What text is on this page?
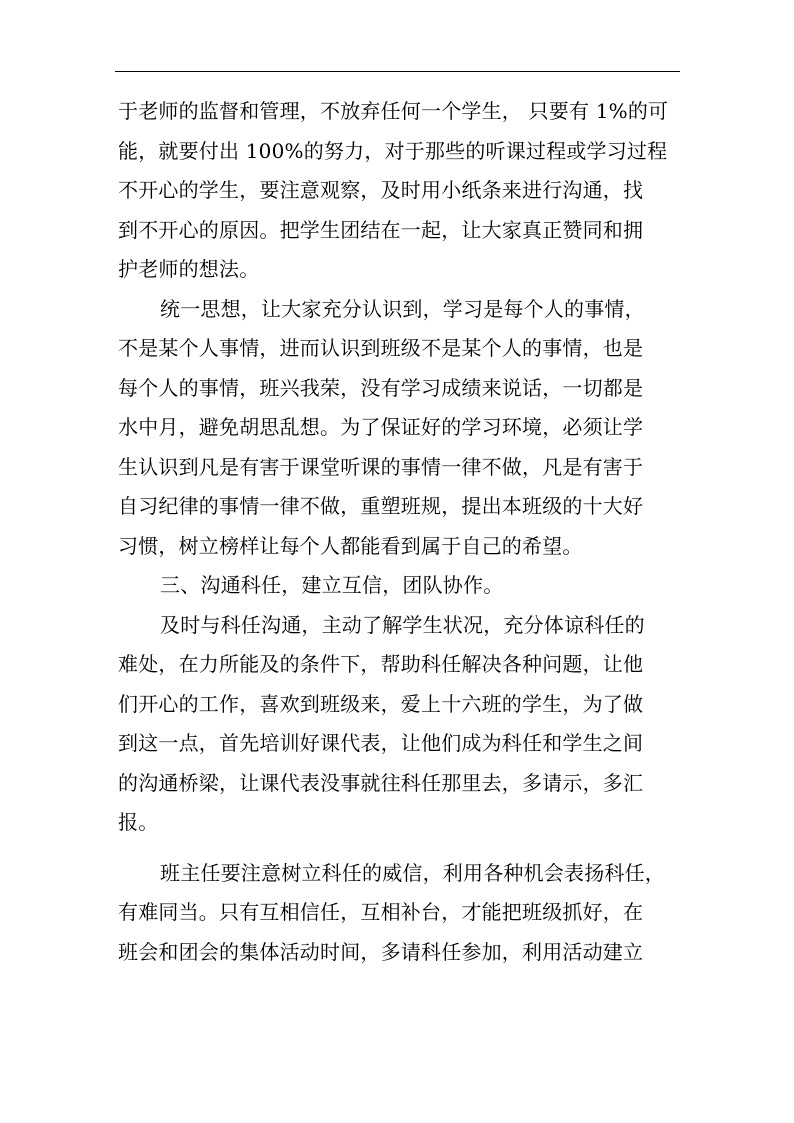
于老师的监督和管理，不放弃任何一个学生， 只要有 1%的可
能，就要付出 100%的努力，对于那些的听课过程或学习过程
不开心的学生，要注意观察，及时用小纸条来进行沟通，找
到不开心的原因。把学生团结在一起，让大家真正赞同和拥
护老师的想法。
统一思想，让大家充分认识到，学习是每个人的事情，
不是某个人事情，进而认识到班级不是某个人的事情，也是
每个人的事情，班兴我荣，没有学习成绩来说话，一切都是
水中月，避免胡思乱想。为了保证好的学习环境，必须让学
生认识到凡是有害于课堂听课的事情一律不做，凡是有害于
自习纪律的事情一律不做，重塑班规，提出本班级的十大好
习惯，树立榜样让每个人都能看到属于自己的希望。
三、沟通科任，建立互信，团队协作。
及时与科任沟通，主动了解学生状况，充分体谅科任的
难处，在力所能及的条件下，帮助科任解决各种问题，让他
们开心的工作，喜欢到班级来，爱上十六班的学生，为了做
到这一点，首先培训好课代表，让他们成为科任和学生之间
的沟通桥梁，让课代表没事就往科任那里去，多请示，多汇
报。
班主任要注意树立科任的威信，利用各种机会表扬科任，
有难同当。只有互相信任，互相补台，才能把班级抓好，在
班会和团会的集体活动时间，多请科任参加，利用活动建立
